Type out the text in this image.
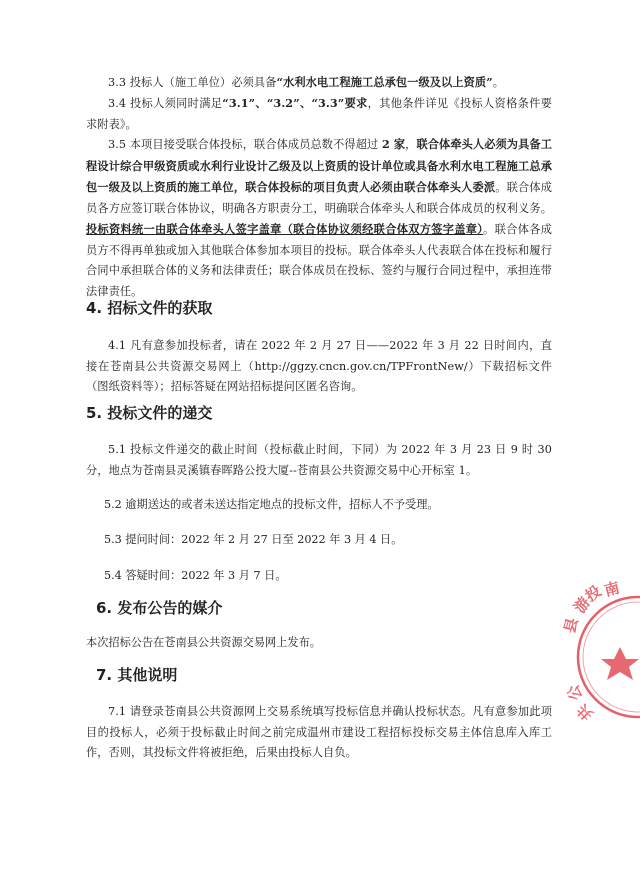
3.3 投标人（施工单位）必须具备“水利水电工程施工总承包一级及以上资质”。

3.4 投标人须同时满足“3.1”、“3.2”、“3.3”要求，其他条件详见《投标人资格条件要求附表》。

3.5 本项目接受联合体投标，联合体成员总数不得超过 2 家，联合体牵头人必须为具备工程设计综合甲级资质或水利行业设计乙级及以上资质的设计单位或具备水利水电工程施工总承包一级及以上资质的施工单位，联合体投标的项目负责人必须由联合体牵头人委派。联合体成员各方应签订联合体协议，明确各方职责分工，明确联合体牵头人和联合体成员的权利义务。投标资料统一由联合体牵头人签字盖章（联合体协议须经联合体双方签字盖章）。联合体各成员方不得再单独或加入其他联合体参加本项目的投标。联合体牵头人代表联合体在投标和履行合同中承担联合体的义务和法律责任；联合体成员在投标、签约与履行合同过程中，承担连带法律责任。

4. 招标文件的获取

4.1 凡有意参加投标者，请在 2022 年 2 月 27 日——2022 年 3 月 22 日时间内，直接在苍南县公共资源交易网上（http://ggzy.cncn.gov.cn/TPFrontNew/）下载招标文件（图纸资料等）；招标答疑在网站招标提问区匿名咨询。

5. 投标文件的递交

5.1 投标文件递交的截止时间（投标截止时间，下同）为 2022 年 3 月 23 日 9 时 30 分，地点为苍南县灵溪镇春晖路公投大厦--苍南县公共资源交易中心开标室 1。

5.2 逾期送达的或者未送达指定地点的投标文件，招标人不予受理。

5.3 提问时间：2022 年 2 月 27 日至 2022 年 3 月 4 日。

5.4 答疑时间：2022 年 3 月 7 日。

6. 发布公告的媒介

本次招标公告在苍南县公共资源交易网上发布。

7. 其他说明

7.1 请登录苍南县公共资源网上交易系统填写投标信息并确认投标状态。凡有意参加此项目的投标人，必须于投标截止时间之前完成温州市建设工程招标投标交易主体信息库入库工作，否则，其投标文件将被拒绝，后果由投标人自负。

游
投
南
县
公
共
